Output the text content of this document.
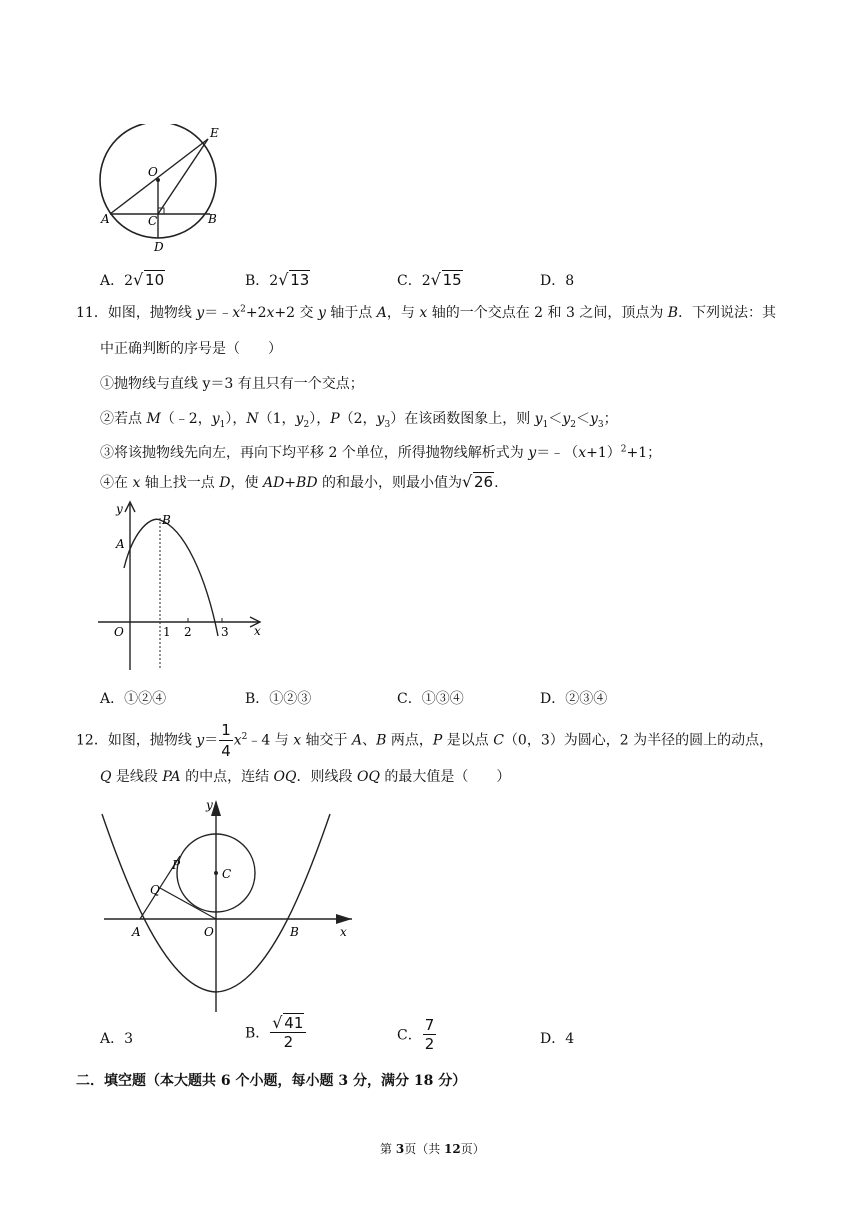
E
O
A	C	B
D
A．2 √ 10	B．2 √ 13	C．2 √ 15	D．8
11．如图，抛物线 $y=﹣x^2+2x+2$ 交 y 轴于点 A，与 x 轴的一个交点在 2 和 3 之间，顶点为 B．下列说法：其
中正确判断的序号是（　　）
①抛物线与直线 y＝3 有且只有一个交点；
②若点 M（﹣2，$y_1$），N（1，$y_2$），P（2，$y_3$）在该函数图象上，则 $y_1<y_2<y_3$；
③将该抛物线先向左，再向下均平移 2 个单位，所得抛物线解析式为 $y=﹣(x+1)^2+1$；
④在 x 轴上找一点 D，使 AD+BD 的和最小，则最小值为 √ 26.
y
B
A
O	1 2 3 x
A．①②④	B．①②③	C．①③④	D．②③④
12．如图，抛物线 $y= \frac{1}{4}$ $x^2﹣4$ 与 x 轴交于 A、B 两点，P 是以点 C（0，3）为圆心，2 为半径的圆上的动点，
Q 是线段 PA 的中点，连结 OQ．则线段 OQ 的最大值是（　　）
y
P
C
Q
A	O	B	x
A．3	B． √ $\frac{41}{2}$	C． $\frac{7}{2}$	D．4
二．填空题（本大题共 6 个小题，每小题 3 分，满分 18 分）
第 3页（共 12页）
